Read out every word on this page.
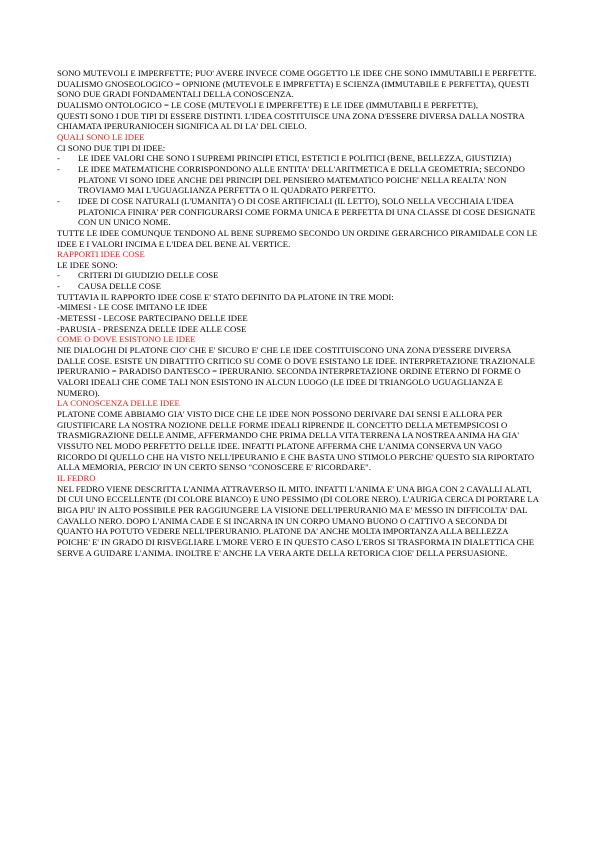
SONO MUTEVOLI E IMPERFETTE; PUO' AVERE INVECE COME OGGETTO LE IDEE CHE SONO IMMUTABILI E PERFETTE.

DUALISMO GNOSEOLOGICO = OPNIONE (MUTEVOLE E IMPRFETTA) E SCIENZA (IMMUTABILE E PERFETTA), QUESTI SONO DUE GRADI FONDAMENTALI DELLA CONOSCENZA.

DUALISMO ONTOLOGICO = LE COSE (MUTEVOLI E IMPERFETTE) E LE IDEE (IMMUTABILI E PERFETTE),

QUESTI SONO I DUE TIPI DI ESSERE DISTINTI. L'IDEA COSTITUISCE UNA ZONA D'ESSERE DIVERSA DALLA NOSTRA CHIAMATA IPERURANIOCEH SIGNIFICA AL DI LA' DEL CIELO.

QUALI SONO LE IDEE

CI SONO DUE TIPI DI IDEE:

- LE IDEE VALORI CHE SONO I SUPREMI PRINCIPI ETICI, ESTETICI E POLITICI (BENE, BELLEZZA, GIUSTIZIA)

- LE IDEE MATEMATICHE CORRISPONDONO ALLE ENTITA' DELL'ARITMETICA E DELLA GEOMETRIA; SECONDO PLATONE VI SONO IDEE ANCHE DEI PRINCIPI DEL PENSIERO MATEMATICO POICHE' NELLA REALTA' NON TROVIAMO MAI L'UGUAGLIANZA PERFETTA O IL QUADRATO PERFETTO.

- IDEE DI COSE NATURALI (L'UMANITA') O DI COSE ARTIFICIALI (IL LETTO), SOLO NELLA VECCHIAIA L'IDEA PLATONICA FINIRA' PER CONFIGURARSI COME FORMA UNICA E PERFETTA DI UNA CLASSE DI COSE DESIGNATE CON UN UNICO NOME.

TUTTE LE IDEE COMUNQUE TENDONO AL BENE SUPREMO SECONDO UN ORDINE GERARCHICO PIRAMIDALE CON LE IDEE E I VALORI INCIMA E L'IDEA DEL BENE AL VERTICE.

RAPPORTI IDEE COSE

LE IDEE SONO:

- CRITERI DI GIUDIZIO DELLE COSE

- CAUSA DELLE COSE

TUTTAVIA IL RAPPORTO IDEE COSE E' STATO DEFINITO DA PLATONE IN TRE MODI:

-MIMESI - LE COSE IMITANO LE IDEE

-METESSI - LECOSE PARTECIPANO DELLE IDEE

-PARUSIA - PRESENZA DELLE IDEE ALLE COSE

COME O DOVE ESISTONO LE IDEE

NIE DIALOGHI DI PLATONE CIO' CHE E' SICURO E' CHE LE IDEE COSTITUISCONO UNA ZONA D'ESSERE DIVERSA DALLE COSE. ESISTE UN DIBATTITO CRITICO SU COME O DOVE ESISTANO LE IDEE. INTERPRETAZIONE TRAZIONALE IPERURANIO = PARADISO DANTESCO = IPERURANIO. SECONDA INTERPRETAZIONE ORDINE ETERNO DI FORME O VALORI IDEALI CHE COME TALI NON ESISTONO IN ALCUN LUOGO (LE IDEE DI TRIANGOLO UGUAGLIANZA E NUMERO).

LA CONOSCENZA DELLE IDEE

PLATONE COME ABBIAMO GIA' VISTO DICE CHE LE IDEE NON POSSONO DERIVARE DAI SENSI E ALLORA PER GIUSTIFICARE LA NOSTRA NOZIONE DELLE FORME IDEALI RIPRENDE IL CONCETTO DELLA METEMPSICOSI O TRASMIGRAZIONE DELLE ANIME, AFFERMANDO CHE PRIMA DELLA VITA TERRENA LA NOSTREA ANIMA HA GIA' VISSUTO NEL MODO PERFETTO DELLE IDEE. INFATTI PLATONE AFFERMA CHE L'ANIMA CONSERVA UN VAGO RICORDO DI QUELLO CHE HA VISTO NELL'IPEURANIO E CHE BASTA UNO STIMOLO PERCHE' QUESTO SIA RIPORTATO ALLA MEMORIA, PERCIO' IN UN CERTO SENSO "CONOSCERE E' RICORDARE".

IL FEDRO

NEL FEDRO VIENE DESCRITTA L'ANIMA ATTRAVERSO IL MITO. INFATTI L'ANIMA E' UNA BIGA CON 2 CAVALLI ALATI, DI CUI UNO ECCELLENTE (DI COLORE BIANCO) E UNO PESSIMO (DI COLORE NERO). L'AURIGA CERCA DI PORTARE LA BIGA PIU' IN ALTO POSSIBILE PER RAGGIUNGERE LA VISIONE DELL'IPERURANIO MA E' MESSO IN DIFFICOLTA' DAL CAVALLO NERO. DOPO L'ANIMA CADE E SI INCARNA IN UN CORPO UMANO BUONO O CATTIVO A SECONDA DI QUANTO HA POTUTO VEDERE NELL'IPERURANIO. PLATONE DA' ANCHE MOLTA IMPORTANZA ALLA BELLEZZA POICHE' E' IN GRADO DI RISVEGLIARE L'MORE VERO E IN QUESTO CASO L'EROS SI TRASFORMA IN DIALETTICA CHE SERVE A GUIDARE L'ANIMA. INOLTRE E' ANCHE LA VERA ARTE DELLA RETORICA CIOE' DELLA PERSUASIONE.
